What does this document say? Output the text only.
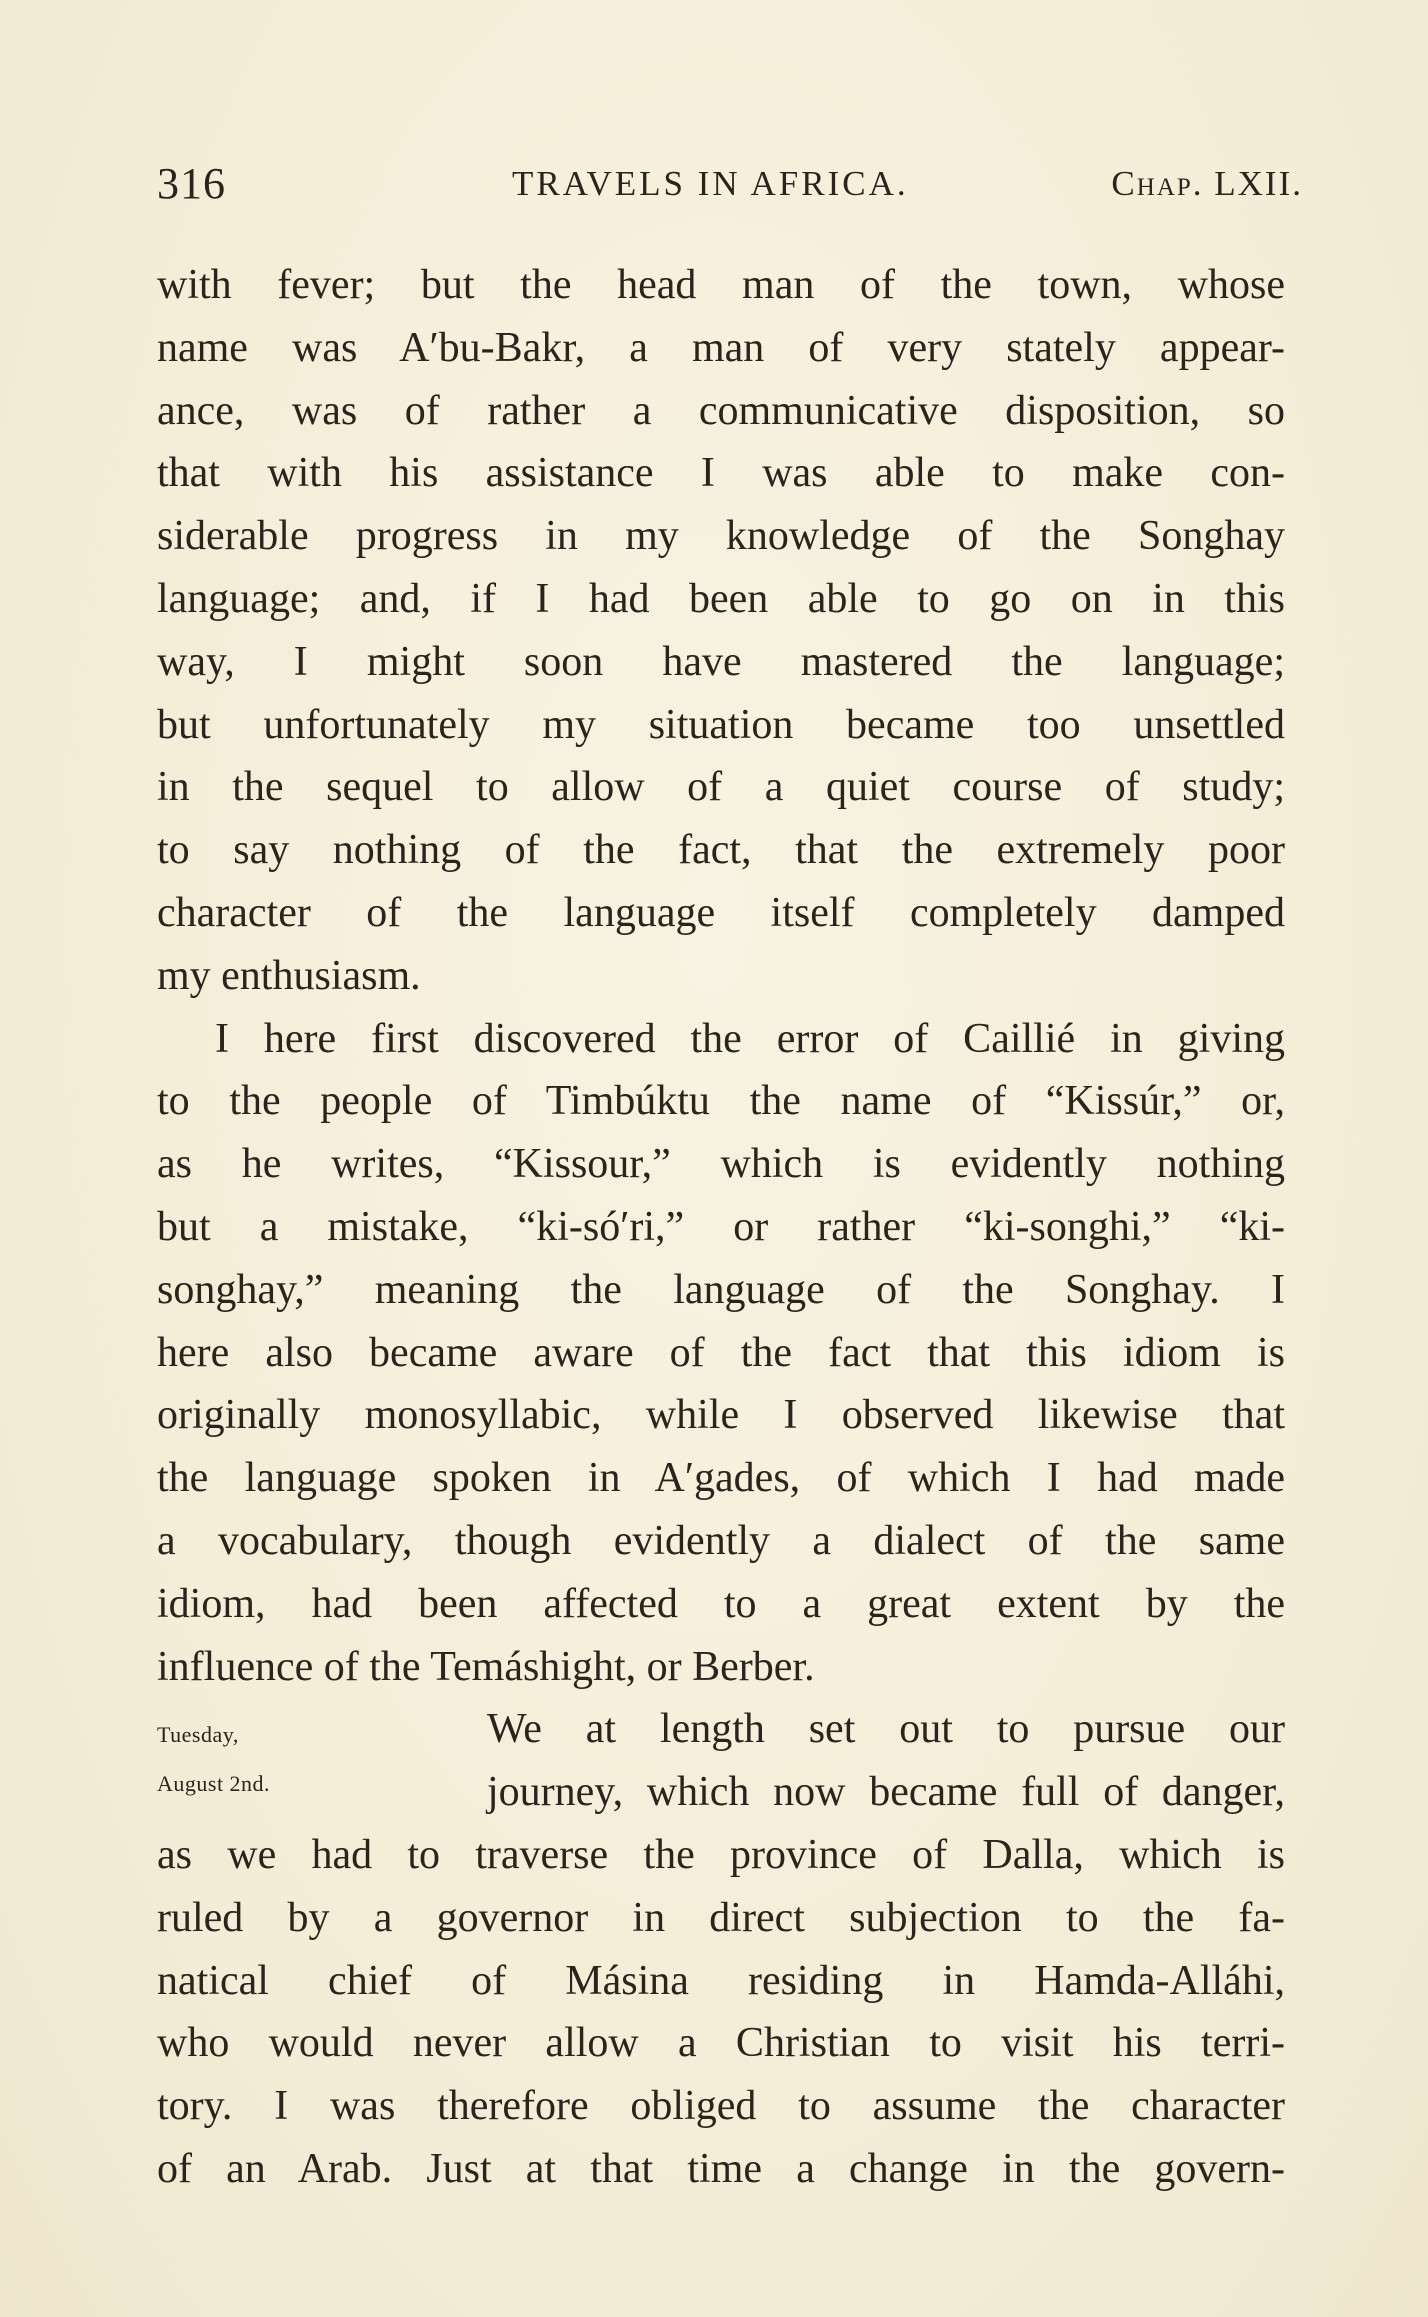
316	TRAVELS IN AFRICA.	Chap. LXII.
with fever; but the head man of the town, whose
name was A′bu-Bakr, a man of very stately appear-
ance, was of rather a communicative disposition, so
that with his assistance I was able to make con-
siderable progress in my knowledge of the Songhay
language; and, if I had been able to go on in this
way, I might soon have mastered the language;
but unfortunately my situation became too unsettled
in the sequel to allow of a quiet course of study;
to say nothing of the fact, that the extremely poor
character of the language itself completely damped
my enthusiasm.
I here first discovered the error of Caillié in giving
to the people of Timbúktu the name of “Kissúr,” or,
as he writes, “Kissour,” which is evidently nothing
but a mistake, “ki-só′ri,” or rather “ki-songhi,” “ki-
songhay,” meaning the language of the Songhay. I
here also became aware of the fact that this idiom is
originally monosyllabic, while I observed likewise that
the language spoken in A′gades, of which I had made
a vocabulary, though evidently a dialect of the same
idiom, had been affected to a great extent by the
influence of the Temáshight, or Berber.
Tuesday,	We at length set out to pursue our
August 2nd.	journey, which now became full of danger,
as we had to traverse the province of Dalla, which is
ruled by a governor in direct subjection to the fa-
natical chief of Másina residing in Hamda-Alláhi,
who would never allow a Christian to visit his terri-
tory. I was therefore obliged to assume the character
of an Arab. Just at that time a change in the govern-
